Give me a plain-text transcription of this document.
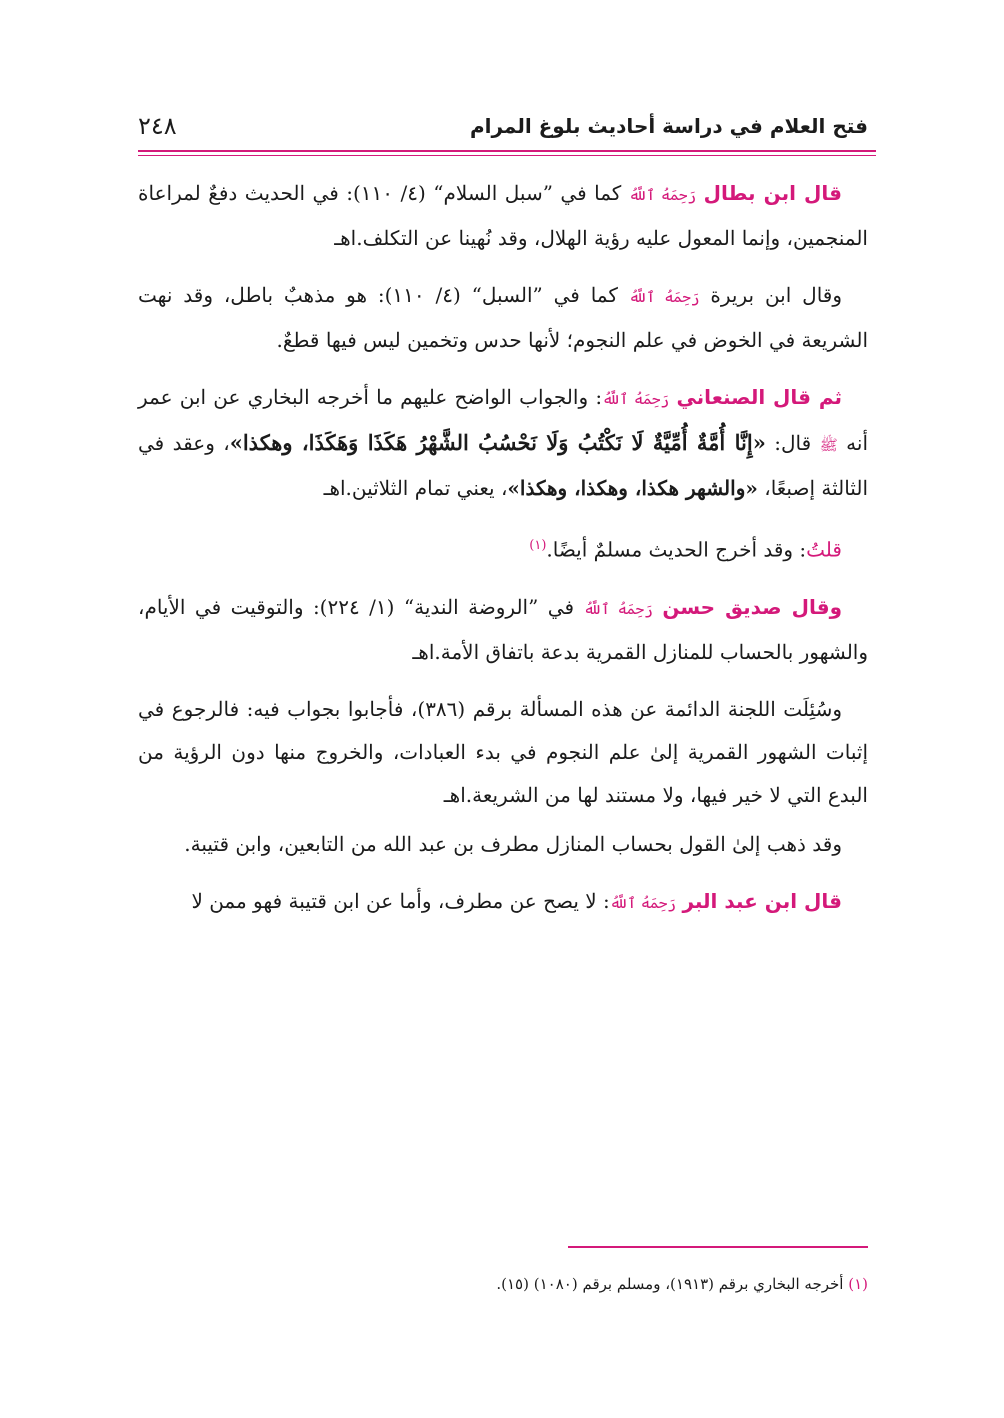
فتح العلام في دراسة أحاديث بلوغ المرام
٢٤٨

قال ابن بطال رَحِمَهُ ٱللَّهُ كما في ”سبل السلام“ (٤/ ١١٠): في الحديث دفعٌ لمراعاة المنجمين، وإنما المعول عليه رؤية الهلال، وقد نُهينا عن التكلف.اهـ

وقال ابن بريرة رَحِمَهُ ٱللَّهُ كما في ”السبل“ (٤/ ١١٠): هو مذهبٌ باطل، وقد نهت الشريعة في الخوض في علم النجوم؛ لأنها حدس وتخمين ليس فيها قطعٌ.

ثم قال الصنعاني رَحِمَهُ ٱللَّهُ: والجواب الواضح عليهم ما أخرجه البخاري عن ابن عمر أنه ﷺ قال: «إِنَّا أُمَّةٌ أُمِّيَّةٌ لَا نَكْتُبُ وَلَا نَحْسُبُ الشَّهْرُ هَكَذَا وَهَكَذَا، وهكذا»، وعقد في الثالثة إصبعًا، «والشهر هكذا، وهكذا، وهكذا»، يعني تمام الثلاثين.اهـ

قلتُ: وقد أخرج الحديث مسلمٌ أيضًا.$^{(١)}$

وقال صديق حسن رَحِمَهُ ٱللَّهُ في ”الروضة الندية“ (١/ ٢٢٤): والتوقيت في الأيام، والشهور بالحساب للمنازل القمرية بدعة باتفاق الأمة.اهـ

وسُئِلَت اللجنة الدائمة عن هذه المسألة برقم (٣٨٦)، فأجابوا بجواب فيه: فالرجوع في إثبات الشهور القمرية إلىٰ علم النجوم في بدء العبادات، والخروج منها دون الرؤية من البدع التي لا خير فيها، ولا مستند لها من الشريعة.اهـ

وقد ذهب إلىٰ القول بحساب المنازل مطرف بن عبد الله من التابعين، وابن قتيبة.

قال ابن عبد البر رَحِمَهُ ٱللَّهُ: لا يصح عن مطرف، وأما عن ابن قتيبة فهو ممن لا

(١) أخرجه البخاري برقم (١٩١٣)، ومسلم برقم (١٠٨٠) (١٥).
